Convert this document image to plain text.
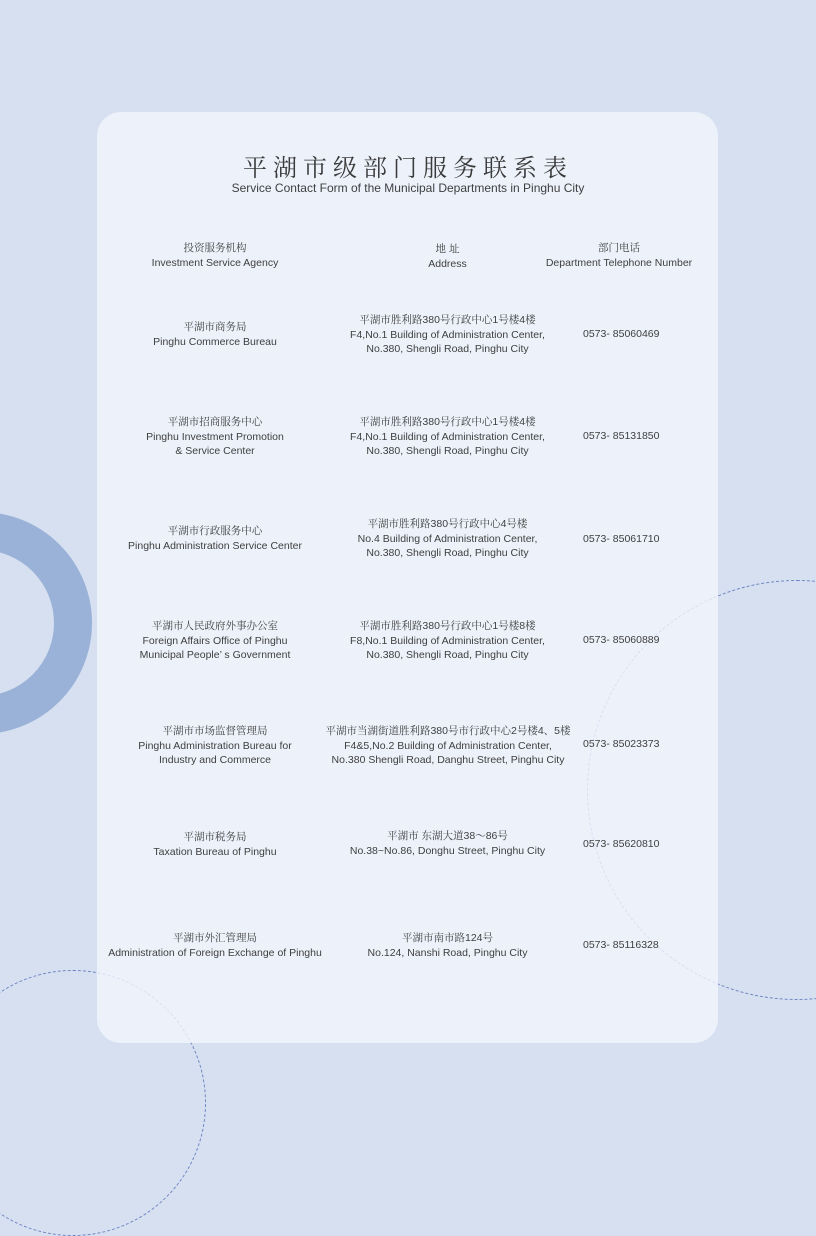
平湖市级部门服务联系表
Service Contact Form of the Municipal Departments in Pinghu City
投资服务机构
Investment Service Agency
地 址
Address
部门电话
Department Telephone Number
平湖市商务局
Pinghu Commerce Bureau
平湖市胜利路380号行政中心1号楼4楼
F4,No.1 Building of Administration Center,
No.380, Shengli Road, Pinghu City
0573- 85060469
平湖市招商服务中心
Pinghu Investment Promotion
& Service Center
平湖市胜利路380号行政中心1号楼4楼
F4,No.1 Building of Administration Center,
No.380, Shengli Road, Pinghu City
0573- 85131850
平湖市行政服务中心
Pinghu Administration Service Center
平湖市胜利路380号行政中心4号楼
No.4 Building of Administration Center,
No.380, Shengli Road, Pinghu City
0573- 85061710
平湖市人民政府外事办公室
Foreign Affairs Office of Pinghu
Municipal People’ s Government
平湖市胜利路380号行政中心1号楼8楼
F8,No.1 Building of Administration Center,
No.380, Shengli Road, Pinghu City
0573- 85060889
平湖市市场监督管理局
Pinghu Administration Bureau for
Industry and Commerce
平湖市当湖街道胜利路380号市行政中心2号楼4、5楼
F4&5,No.2 Building of Administration Center,
No.380 Shengli Road, Danghu Street, Pinghu City
0573- 85023373
平湖市税务局
Taxation Bureau of Pinghu
平湖市 东湖大道38～86号
No.38~No.86, Donghu Street, Pinghu City
0573- 85620810
平湖市外汇管理局
Administration of Foreign Exchange of Pinghu
平湖市南市路124号
No.124, Nanshi Road, Pinghu City
0573- 85116328
